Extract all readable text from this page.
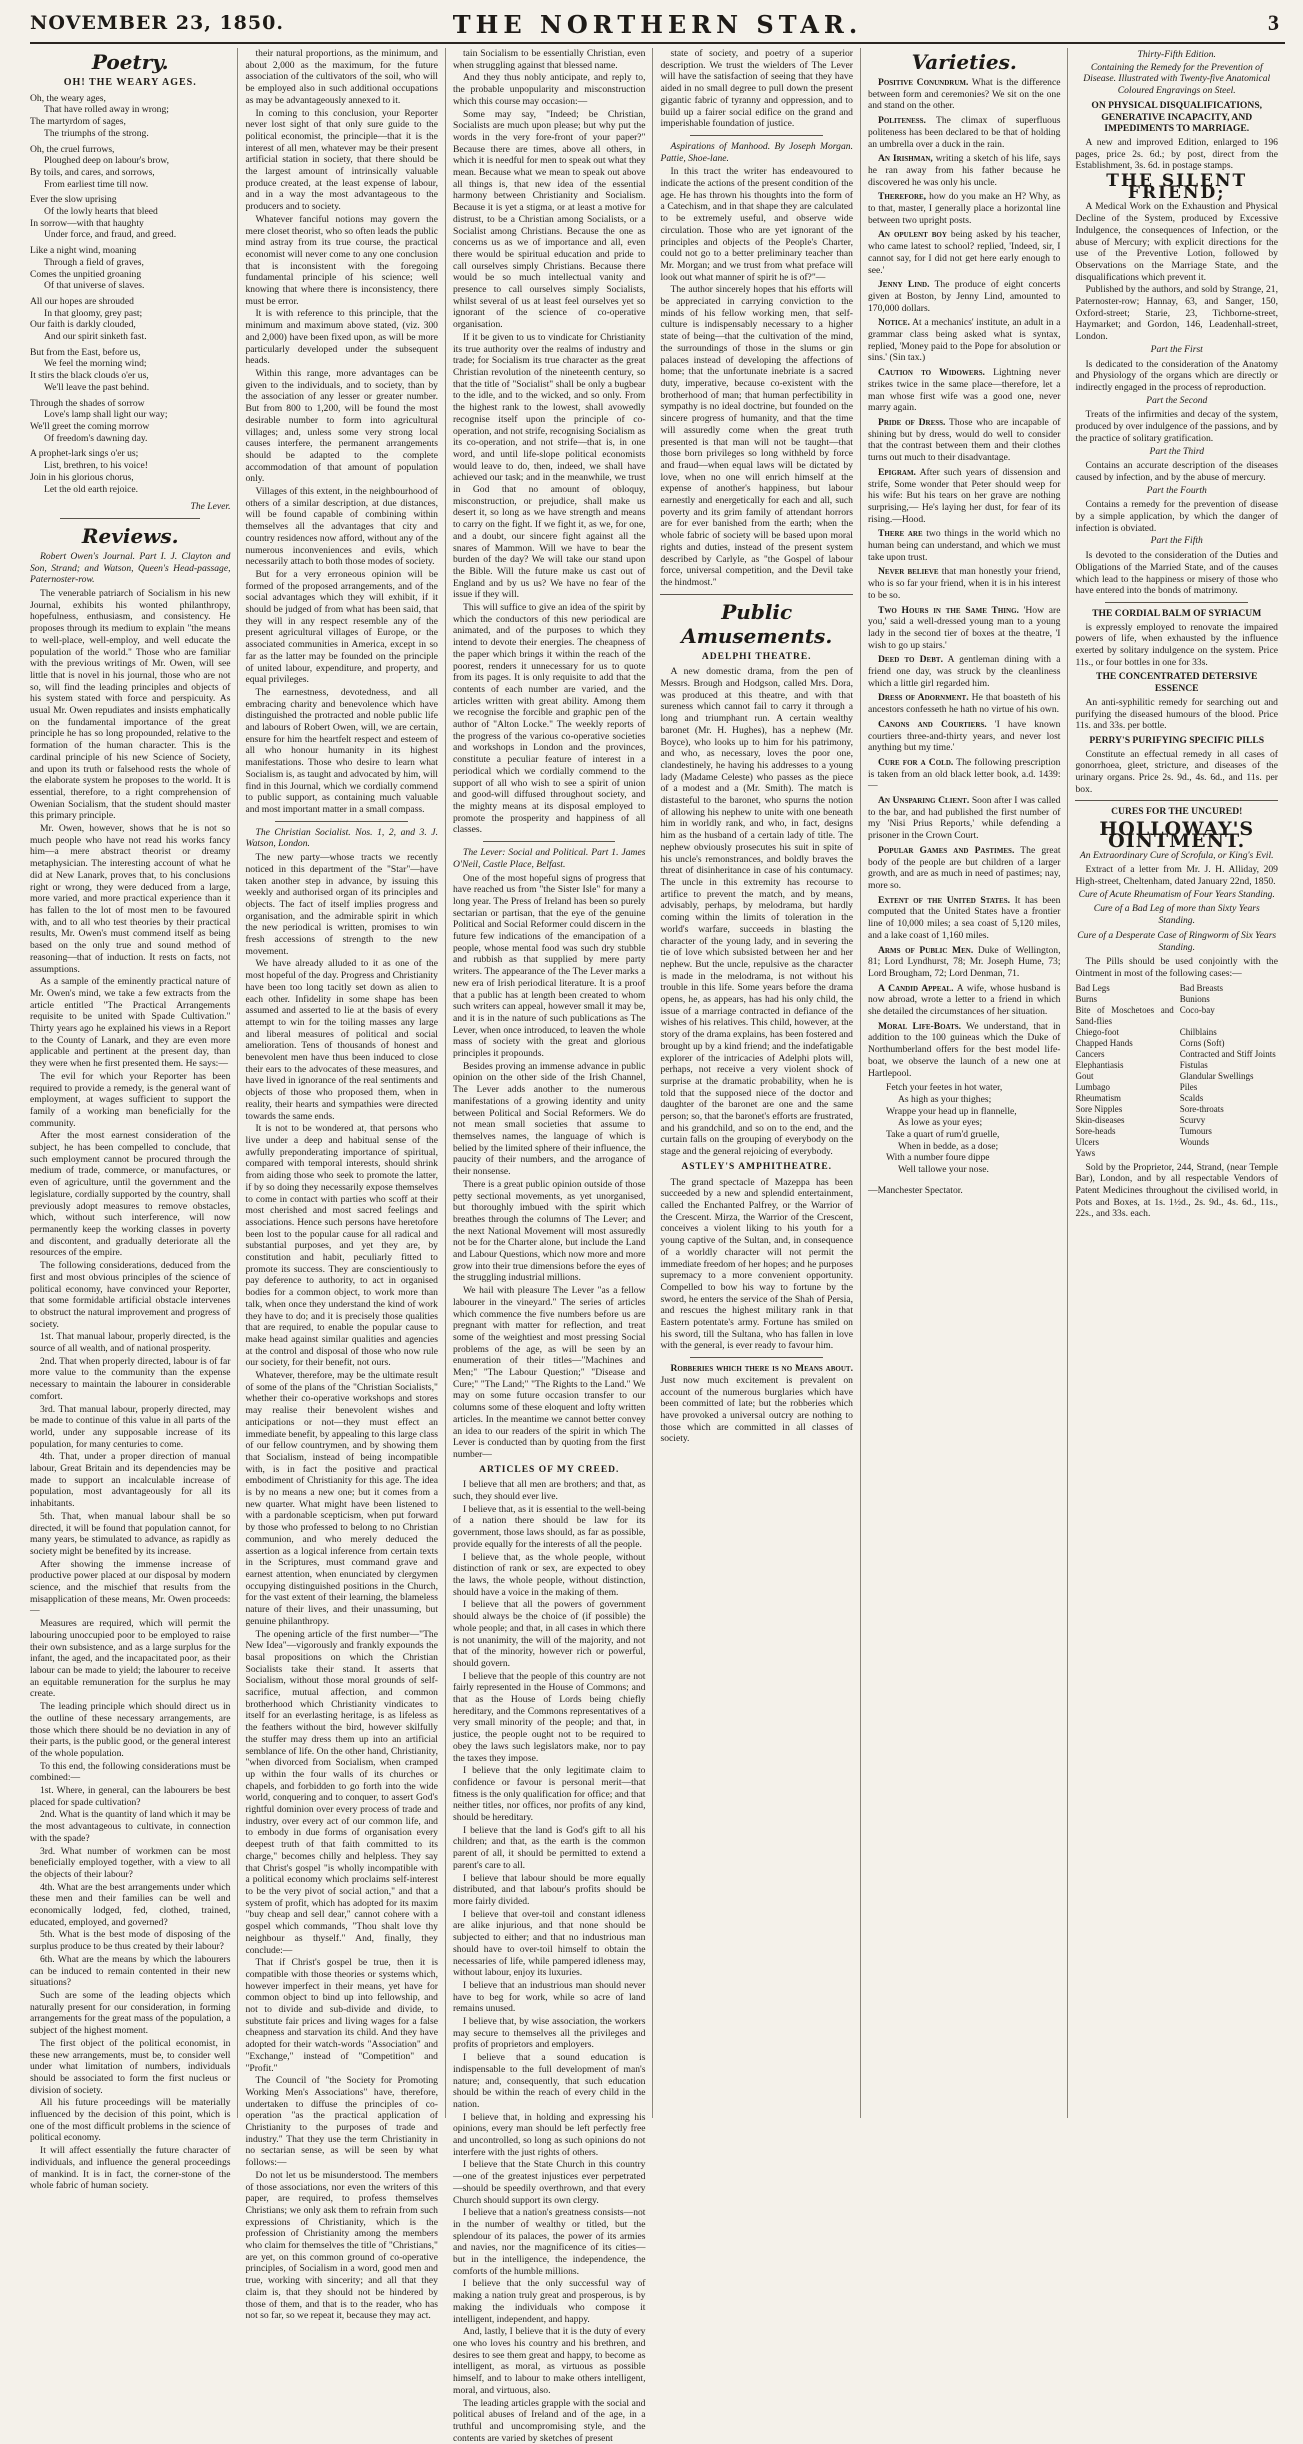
NOVEMBER 23, 1850.	THE NORTHERN STAR.	3
Poetry.
OH! THE WEARY AGES.

Oh, the weary ages,

That have rolled away in wrong;

The martyrdom of sages,

The triumphs of the strong.

Oh, the cruel furrows,

Ploughed deep on labour's brow,

By toils, and cares, and sorrows,

From earliest time till now.

Ever the slow uprising

Of the lowly hearts that bleed

In sorrow—with that haughty

Under force, and fraud, and greed.

Like a night wind, moaning

Through a field of graves,

Comes the unpitied groaning

Of that universe of slaves.

All our hopes are shrouded

In that gloomy, grey past;

Our faith is darkly clouded,

And our spirit sinketh fast.

But from the East, before us,

We feel the morning wind;

It stirs the black clouds o'er us,

We'll leave the past behind.

Through the shades of sorrow

Love's lamp shall light our way;

We'll greet the coming morrow

Of freedom's dawning day.

A prophet-lark sings o'er us;

List, brethren, to his voice!

Join in his glorious chorus,

Let the old earth rejoice.

The Lever.

Reviews.

Robert Owen's Journal. Part I. J. Clayton and Son, Strand; and Watson, Queen's Head-passage, Paternoster-row.

The venerable patriarch of Socialism in his new Journal, exhibits his wonted philanthropy, hopefulness, enthusiasm, and consistency. He proposes through its medium to explain "the means to well-place, well-employ, and well educate the population of the world." Those who are familiar with the previous writings of Mr. Owen, will see little that is novel in his journal, those who are not so, will find the leading principles and objects of his system stated with force and perspicuity. As usual Mr. Owen repudiates and insists emphatically on the fundamental importance of the great principle he has so long propounded, relative to the formation of the human character. This is the cardinal principle of his new Science of Society, and upon its truth or falsehood rests the whole of the elaborate system he proposes to the world. It is essential, therefore, to a right comprehension of Owenian Socialism, that the student should master this primary principle.

Mr. Owen, however, shows that he is not so much people who have not read his works fancy him—a mere abstract theorist or dreamy metaphysician. The interesting account of what he did at New Lanark, proves that, to his conclusions right or wrong, they were deduced from a large, more varied, and more practical experience than it has fallen to the lot of most men to be favoured with, and to all who test theories by their practical results, Mr. Owen's must commend itself as being based on the only true and sound method of reasoning—that of induction. It rests on facts, not assumptions.

As a sample of the eminently practical nature of Mr. Owen's mind, we take a few extracts from the article entitled "The Practical Arrangements requisite to be united with Spade Cultivation." Thirty years ago he explained his views in a Report to the County of Lanark, and they are even more applicable and pertinent at the present day, than they were when he first presented them. He says:—

The evil for which your Reporter has been required to provide a remedy, is the general want of employment, at wages sufficient to support the family of a working man beneficially for the community.

After the most earnest consideration of the subject, he has been compelled to conclude, that such employment cannot be procured through the medium of trade, commerce, or manufactures, or even of agriculture, until the government and the legislature, cordially supported by the country, shall previously adopt measures to remove obstacles, which, without such interference, will now permanently keep the working classes in poverty and discontent, and gradually deteriorate all the resources of the empire.

The following considerations, deduced from the first and most obvious principles of the science of political economy, have convinced your Reporter, that some formidable artificial obstacle intervenes to obstruct the natural improvement and progress of society.

1st. That manual labour, properly directed, is the source of all wealth, and of national prosperity.

2nd. That when properly directed, labour is of far more value to the community than the expense necessary to maintain the labourer in considerable comfort.

3rd. That manual labour, properly directed, may be made to continue of this value in all parts of the world, under any supposable increase of its population, for many centuries to come.

4th. That, under a proper direction of manual labour, Great Britain and its dependencies may be made to support an incalculable increase of population, most advantageously for all its inhabitants.

5th. That, when manual labour shall be so directed, it will be found that population cannot, for many years, be stimulated to advance, as rapidly as society might be benefited by its increase.

After showing the immense increase of productive power placed at our disposal by modern science, and the mischief that results from the misapplication of these means, Mr. Owen proceeds:—

Measures are required, which will permit the labouring unoccupied poor to be employed to raise their own subsistence, and as a large surplus for the infant, the aged, and the incapacitated poor, as their labour can be made to yield; the labourer to receive an equitable remuneration for the surplus he may create.

The leading principle which should direct us in the outline of these necessary arrangements, are those which there should be no deviation in any of their parts, is the public good, or the general interest of the whole population.

To this end, the following considerations must be combined:—

1st. Where, in general, can the labourers be best placed for spade cultivation?

2nd. What is the quantity of land which it may be the most advantageous to cultivate, in connection with the spade?

3rd. What number of workmen can be most beneficially employed together, with a view to all the objects of their labour?

4th. What are the best arrangements under which these men and their families can be well and economically lodged, fed, clothed, trained, educated, employed, and governed?

5th. What is the best mode of disposing of the surplus produce to be thus created by their labour?

6th. What are the means by which the labourers can be induced to remain contented in their new situations?

Such are some of the leading objects which naturally present for our consideration, in forming arrangements for the great mass of the population, a subject of the highest moment.

The first object of the political economist, in these new arrangements, must be, to consider well under what limitation of numbers, individuals should be associated to form the first nucleus or division of society.

All his future proceedings will be materially influenced by the decision of this point, which is one of the most difficult problems in the science of political economy.

It will affect essentially the future character of individuals, and influence the general proceedings of mankind. It is in fact, the corner-stone of the whole fabric of human society.

their natural proportions, as the minimum, and about 2,000 as the maximum, for the future association of the cultivators of the soil, who will be employed also in such additional occupations as may be advantageously annexed to it.

In coming to this conclusion, your Reporter never lost sight of that only sure guide to the political economist, the principle—that it is the interest of all men, whatever may be their present artificial station in society, that there should be the largest amount of intrinsically valuable produce created, at the least expense of labour, and in a way the most advantageous to the producers and to society.

Whatever fanciful notions may govern the mere closet theorist, who so often leads the public mind astray from its true course, the practical economist will never come to any one conclusion that is inconsistent with the foregoing fundamental principle of his science; well knowing that where there is inconsistency, there must be error.

It is with reference to this principle, that the minimum and maximum above stated, (viz. 300 and 2,000) have been fixed upon, as will be more particularly developed under the subsequent heads.

Within this range, more advantages can be given to the individuals, and to society, than by the association of any lesser or greater number. But from 800 to 1,200, will be found the most desirable number to form into agricultural villages; and, unless some very strong local causes interfere, the permanent arrangements should be adapted to the complete accommodation of that amount of population only.

Villages of this extent, in the neighbourhood of others of a similar description, at due distances, will be found capable of combining within themselves all the advantages that city and country residences now afford, without any of the numerous inconveniences and evils, which necessarily attach to both those modes of society.

But for a very erroneous opinion will be formed of the proposed arrangements, and of the social advantages which they will exhibit, if it should be judged of from what has been said, that they will in any respect resemble any of the present agricultural villages of Europe, or the associated communities in America, except in so far as the latter may be founded on the principle of united labour, expenditure, and property, and equal privileges.

The earnestness, devotedness, and all embracing charity and benevolence which have distinguished the protracted and noble public life and labours of Robert Owen, will, we are certain, ensure for him the heartfelt respect and esteem of all who honour humanity in its highest manifestations. Those who desire to learn what Socialism is, as taught and advocated by him, will find in this Journal, which we cordially commend to public support, as containing much valuable and most important matter in a small compass.

The Christian Socialist. Nos. 1, 2, and 3. J. Watson, London.

The new party—whose tracts we recently noticed in this department of the "Star"—have taken another step in advance, by issuing this weekly and authorised organ of its principles and objects. The fact of itself implies progress and organisation, and the admirable spirit in which the new periodical is written, promises to win fresh accessions of strength to the new movement.

We have already alluded to it as one of the most hopeful of the day. Progress and Christianity have been too long tacitly set down as alien to each other. Infidelity in some shape has been assumed and asserted to lie at the basis of every attempt to win for the toiling masses any large and liberal measures of political and social amelioration. Tens of thousands of honest and benevolent men have thus been induced to close their ears to the advocates of these measures, and have lived in ignorance of the real sentiments and objects of those who proposed them, when in reality, their hearts and sympathies were directed towards the same ends.

It is not to be wondered at, that persons who live under a deep and habitual sense of the awfully preponderating importance of spiritual, compared with temporal interests, should shrink from aiding those who seek to promote the latter, if by so doing they necessarily expose themselves to come in contact with parties who scoff at their most cherished and most sacred feelings and associations. Hence such persons have heretofore been lost to the popular cause for all radical and substantial purposes, and yet they are, by constitution and habit, peculiarly fitted to promote its success. They are conscientiously to pay deference to authority, to act in organised bodies for a common object, to work more than talk, when once they understand the kind of work they have to do; and it is precisely those qualities that are required, to enable the popular cause to make head against similar qualities and agencies at the control and disposal of those who now rule our society, for their benefit, not ours.

Whatever, therefore, may be the ultimate result of some of the plans of the "Christian Socialists," whether their co-operative workshops and stores may realise their benevolent wishes and anticipations or not—they must effect an immediate benefit, by appealing to this large class of our fellow countrymen, and by showing them that Socialism, instead of being incompatible with, is in fact the positive and practical embodiment of Christianity for this age. The idea is by no means a new one; but it comes from a new quarter. What might have been listened to with a pardonable scepticism, when put forward by those who professed to belong to no Christian communion, and who merely deduced the assertion as a logical inference from certain texts in the Scriptures, must command grave and earnest attention, when enunciated by clergymen occupying distinguished positions in the Church, for the vast extent of their learning, the blameless nature of their lives, and their unassuming, but genuine philanthropy.

The opening article of the first number—"The New Idea"—vigorously and frankly expounds the basal propositions on which the Christian Socialists take their stand. It asserts that Socialism, without those moral grounds of self-sacrifice, mutual affection, and common brotherhood which Christianity vindicates to itself for an everlasting heritage, is as lifeless as the feathers without the bird, however skilfully the stuffer may dress them up into an artificial semblance of life. On the other hand, Christianity, "when divorced from Socialism, when cramped up within the four walls of its churches or chapels, and forbidden to go forth into the wide world, conquering and to conquer, to assert God's rightful dominion over every process of trade and industry, over every act of our common life, and to embody in due forms of organisation every deepest truth of that faith committed to its charge," becomes chilly and helpless. They say that Christ's gospel "is wholly incompatible with a political economy which proclaims self-interest to be the very pivot of social action," and that a system of profit, which has adopted for its maxim "buy cheap and sell dear," cannot cohere with a gospel which commands, "Thou shalt love thy neighbour as thyself." And, finally, they conclude:—

That if Christ's gospel be true, then it is compatible with those theories or systems which, however imperfect in their means, yet have for common object to bind up into fellowship, and not to divide and sub-divide and divide, to substitute fair prices and living wages for a false cheapness and starvation its child. And they have adopted for their watch-words "Association" and "Exchange," instead of "Competition" and "Profit."

The Council of "the Society for Promoting Working Men's Associations" have, therefore, undertaken to diffuse the principles of co-operation "as the practical application of Christianity to the purposes of trade and industry." That they use the term Christianity in no sectarian sense, as will be seen by what follows:—

Do not let us be misunderstood. The members of those associations, nor even the writers of this paper, are required, to profess themselves Christians; we only ask them to refrain from such expressions of Christianity, which is the profession of Christianity among the members who claim for themselves the title of "Christians," are yet, on this common ground of co-operative principles, of Socialism in a word, good men and true, working with sincerity; and all that they claim is, that they should not be hindered by those of them, and that is to the reader, who has not so far, so we repeat it, because they may act.

tain Socialism to be essentially Christian, even when struggling against that blessed name.

And they thus nobly anticipate, and reply to, the probable unpopularity and misconstruction which this course may occasion:—

Some may say, "Indeed; be Christian, Socialists are much upon please; but why put the words in the very fore-front of your paper?" Because there are times, above all others, in which it is needful for men to speak out what they mean. Because what we mean to speak out above all things is, that new idea of the essential harmony between Christianity and Socialism. Because it is yet a stigma, or at least a motive for distrust, to be a Christian among Socialists, or a Socialist among Christians. Because the one as concerns us as we of importance and all, even there would be spiritual education and pride to call ourselves simply Christians. Because there would be so much intellectual vanity and presence to call ourselves simply Socialists, whilst several of us at least feel ourselves yet so ignorant of the science of co-operative organisation.

If it be given to us to vindicate for Christianity its true authority over the realms of industry and trade; for Socialism its true character as the great Christian revolution of the nineteenth century, so that the title of "Socialist" shall be only a bugbear to the idle, and to the wicked, and so only. From the highest rank to the lowest, shall avowedly recognise itself upon the principle of co-operation, and not strife, recognising Socialism as its co-operation, and not strife—that is, in one word, and until life-slope political economists would leave to do, then, indeed, we shall have achieved our task; and in the meanwhile, we trust in God that no amount of obloquy, misconstruction, or prejudice, shall make us desert it, so long as we have strength and means to carry on the fight. If we fight it, as we, for one, and a doubt, our sincere fight against all the snares of Mammon. Will we have to bear the burden of the day? We will take our stand upon the Bible. Will the future make us cast out of England and by us us? We have no fear of the issue if they will.

This will suffice to give an idea of the spirit by which the conductors of this new periodical are animated, and of the purposes to which they intend to devote their energies. The cheapness of the paper which brings it within the reach of the poorest, renders it unnecessary for us to quote from its pages. It is only requisite to add that the contents of each number are varied, and the articles written with great ability. Among them we recognise the forcible and graphic pen of the author of "Alton Locke." The weekly reports of the progress of the various co-operative societies and workshops in London and the provinces, constitute a peculiar feature of interest in a periodical which we cordially commend to the support of all who wish to see a spirit of union and good-will diffused throughout society, and the mighty means at its disposal employed to promote the prosperity and happiness of all classes.

The Lever: Social and Political. Part 1. James O'Neil, Castle Place, Belfast.

One of the most hopeful signs of progress that have reached us from "the Sister Isle" for many a long year. The Press of Ireland has been so purely sectarian or partisan, that the eye of the genuine Political and Social Reformer could discern in the future few indications of the emancipation of a people, whose mental food was such dry stubble and rubbish as that supplied by mere party writers. The appearance of the The Lever marks a new era of Irish periodical literature. It is a proof that a public has at length been created to whom such writers can appeal, however small it may be, and it is in the nature of such publications as The Lever, when once introduced, to leaven the whole mass of society with the great and glorious principles it propounds.

Besides proving an immense advance in public opinion on the other side of the Irish Channel, The Lever adds another to the numerous manifestations of a growing identity and unity between Political and Social Reformers. We do not mean small societies that assume to themselves names, the language of which is belied by the limited sphere of their influence, the paucity of their numbers, and the arrogance of their nonsense.

There is a great public opinion outside of those petty sectional movements, as yet unorganised, but thoroughly imbued with the spirit which breathes through the columns of The Lever; and the next National Movement will most assuredly not be for the Charter alone, but include the Land and Labour Questions, which now more and more grow into their true dimensions before the eyes of the struggling industrial millions.

We hail with pleasure The Lever "as a fellow labourer in the vineyard." The series of articles which commence the five numbers before us are pregnant with matter for reflection, and treat some of the weightiest and most pressing Social problems of the age, as will be seen by an enumeration of their titles—"Machines and Men;" "The Labour Question;" "Disease and Cure;" "The Land;" "The Rights to the Land." We may on some future occasion transfer to our columns some of these eloquent and lofty written articles. In the meantime we cannot better convey an idea to our readers of the spirit in which The Lever is conducted than by quoting from the first number—

ARTICLES OF MY CREED.

I believe that all men are brothers; and that, as such, they should ever live.

I believe that, as it is essential to the well-being of a nation there should be law for its government, those laws should, as far as possible, provide equally for the interests of all the people.

I believe that, as the whole people, without distinction of rank or sex, are expected to obey the laws, the whole people, without distinction, should have a voice in the making of them.

I believe that all the powers of government should always be the choice of (if possible) the whole people; and that, in all cases in which there is not unanimity, the will of the majority, and not that of the minority, however rich or powerful, should govern.

I believe that the people of this country are not fairly represented in the House of Commons; and that as the House of Lords being chiefly hereditary, and the Commons representatives of a very small minority of the people; and that, in justice, the people ought not to be required to obey the laws such legislators make, nor to pay the taxes they impose.

I believe that the only legitimate claim to confidence or favour is personal merit—that fitness is the only qualification for office; and that neither titles, nor offices, nor profits of any kind, should be hereditary.

I believe that the land is God's gift to all his children; and that, as the earth is the common parent of all, it should be permitted to extend a parent's care to all.

I believe that labour should be more equally distributed, and that labour's profits should be more fairly divided.

I believe that over-toil and constant idleness are alike injurious, and that none should be subjected to either; and that no industrious man should have to over-toil himself to obtain the necessaries of life, while pampered idleness may, without labour, enjoy its luxuries.

I believe that an industrious man should never have to beg for work, while so acre of land remains unused.

I believe that, by wise association, the workers may secure to themselves all the privileges and profits of proprietors and employers.

I believe that a sound education is indispensable to the full development of man's nature; and, consequently, that such education should be within the reach of every child in the nation.

I believe that, in holding and expressing his opinions, every man should be left perfectly free and uncontrolled, so long as such opinions do not interfere with the just rights of others.

I believe that the State Church in this country—one of the greatest injustices ever perpetrated—should be speedily overthrown, and that every Church should support its own clergy.

I believe that a nation's greatness consists—not in the number of wealthy or titled, but the splendour of its palaces, the power of its armies and navies, nor the magnificence of its cities—but in the intelligence, the independence, the comforts of the humble millions.

I believe that the only successful way of making a nation truly great and prosperous, is by making the individuals who compose it intelligent, independent, and happy.

And, lastly, I believe that it is the duty of every one who loves his country and his brethren, and desires to see them great and happy, to become as intelligent, as moral, as virtuous as possible himself, and to labour to make others intelligent, moral, and virtuous, also.

The leading articles grapple with the social and political abuses of Ireland and of the age, in a truthful and uncompromising style, and the contents are varied by sketches of present

state of society, and poetry of a superior description. We trust the wielders of The Lever will have the satisfaction of seeing that they have aided in no small degree to pull down the present gigantic fabric of tyranny and oppression, and to build up a fairer social edifice on the grand and imperishable foundation of justice.

Aspirations of Manhood. By Joseph Morgan. Pattie, Shoe-lane.

In this tract the writer has endeavoured to indicate the actions of the present condition of the age. He has thrown his thoughts into the form of a Catechism, and in that shape they are calculated to be extremely useful, and observe wide circulation. Those who are yet ignorant of the principles and objects of the People's Charter, could not go to a better preliminary teacher than Mr. Morgan; and we trust from what preface will look out what manner of spirit he is of?"—

The author sincerely hopes that his efforts will be appreciated in carrying conviction to the minds of his fellow working men, that self-culture is indispensably necessary to a higher state of being—that the cultivation of the mind, the surroundings of those in the slums or gin palaces instead of developing the affections of home; that the unfortunate inebriate is a sacred duty, imperative, because co-existent with the brotherhood of man; that human perfectibility in sympathy is no ideal doctrine, but founded on the sincere progress of humanity, and that the time will assuredly come when the great truth presented is that man will not be taught—that those born privileges so long withheld by force and fraud—when equal laws will be dictated by love, when no one will enrich himself at the expense of another's happiness, but labour earnestly and energetically for each and all, such poverty and its grim family of attendant horrors are for ever banished from the earth; when the whole fabric of society will be based upon moral rights and duties, instead of the present system described by Carlyle, as "the Gospel of labour force, universal competition, and the Devil take the hindmost."

Public Amusements.
ADELPHI THEATRE.

A new domestic drama, from the pen of Messrs. Brough and Hodgson, called Mrs. Dora, was produced at this theatre, and with that sureness which cannot fail to carry it through a long and triumphant run. A certain wealthy baronet (Mr. H. Hughes), has a nephew (Mr. Boyce), who looks up to him for his patrimony, and who, as necessary, loves the poor one, clandestinely, he having his addresses to a young lady (Madame Celeste) who passes as the piece of a modest and a (Mr. Smith). The match is distasteful to the baronet, who spurns the notion of allowing his nephew to unite with one beneath him in worldly rank, and who, in fact, designs him as the husband of a certain lady of title. The nephew obviously prosecutes his suit in spite of his uncle's remonstrances, and boldly braves the threat of disinheritance in case of his contumacy. The uncle in this extremity has recourse to artifice to prevent the match, and by means, advisably, perhaps, by melodrama, but hardly coming within the limits of toleration in the world's warfare, succeeds in blasting the character of the young lady, and in severing the tie of love which subsisted between her and her nephew. But the uncle, repulsive as the character is made in the melodrama, is not without his trouble in this life. Some years before the drama opens, he, as appears, has had his only child, the issue of a marriage contracted in defiance of the wishes of his relatives. This child, however, at the story of the drama explains, has been fostered and brought up by a kind friend; and the indefatigable explorer of the intricacies of Adelphi plots will, perhaps, not receive a very violent shock of surprise at the dramatic probability, when he is told that the supposed niece of the doctor and daughter of the baronet are one and the same person; so, that the baronet's efforts are frustrated, and his grandchild, and so on to the end, and the curtain falls on the grouping of everybody on the stage and the general rejoicing of everybody.

ASTLEY'S AMPHITHEATRE.

The grand spectacle of Mazeppa has been succeeded by a new and splendid entertainment, called the Enchanted Palfrey, or the Warrior of the Crescent. Mirza, the Warrior of the Crescent, conceives a violent liking to his youth for a young captive of the Sultan, and, in consequence of a worldly character will not permit the immediate freedom of her hopes; and he purposes supremacy to a more convenient opportunity. Compelled to bow his way to fortune by the sword, he enters the service of the Shah of Persia, and rescues the highest military rank in that Eastern potentate's army. Fortune has smiled on his sword, till the Sultana, who has fallen in love with the general, is ever ready to favour him.

Robberies which there is no Means about. Just now much excitement is prevalent on account of the numerous burglaries which have been committed of late; but the robberies which have provoked a universal outcry are nothing to those which are committed in all classes of society.

Varieties.

Positive Conundrum. What is the difference between form and ceremonies? We sit on the one and stand on the other.

Politeness. The climax of superfluous politeness has been declared to be that of holding an umbrella over a duck in the rain.

An Irishman, writing a sketch of his life, says he ran away from his father because he discovered he was only his uncle.

Therefore, how do you make an H? Why, as to that, master, I generally place a horizontal line between two upright posts.

An opulent boy being asked by his teacher, who came latest to school? replied, 'Indeed, sir, I cannot say, for I did not get here early enough to see.'

Jenny Lind. The produce of eight concerts given at Boston, by Jenny Lind, amounted to 170,000 dollars.

Notice. At a mechanics' institute, an adult in a grammar class being asked what is syntax, replied, 'Money paid to the Pope for absolution or sins.' (Sin tax.)

Caution to Widowers. Lightning never strikes twice in the same place—therefore, let a man whose first wife was a good one, never marry again.

Pride of Dress. Those who are incapable of shining but by dress, would do well to consider that the contrast between them and their clothes turns out much to their disadvantage.

Epigram. After such years of dissension and strife, Some wonder that Peter should weep for his wife: But his tears on her grave are nothing surprising,— He's laying her dust, for fear of its rising.—Hood.

There are two things in the world which no human being can understand, and which we must take upon trust.

Never believe that man honestly your friend, who is so far your friend, when it is in his interest to be so.

Two Hours in the Same Thing. 'How are you,' said a well-dressed young man to a young lady in the second tier of boxes at the theatre, 'I wish to go up stairs.'

Deed to Debt. A gentleman dining with a friend one day, was struck by the cleanliness which a little girl regarded him.

Dress of Adornment. He that boasteth of his ancestors confesseth he hath no virtue of his own.

Canons and Courtiers. 'I have known courtiers three-and-thirty years, and never lost anything but my time.'

Cure for a Cold. The following prescription is taken from an old black letter book, a.d. 1439:—

An Unsparing Client. Soon after I was called to the bar, and had published the first number of my 'Nisi Prius Reports,' while defending a prisoner in the Crown Court.

Popular Games and Pastimes. The great body of the people are but children of a larger growth, and are as much in need of pastimes; nay, more so.

Extent of the United States. It has been computed that the United States have a frontier line of 10,000 miles; a sea coast of 5,120 miles, and a lake coast of 1,160 miles.

Arms of Public Men. Duke of Wellington, 81; Lord Lyndhurst, 78; Mr. Joseph Hume, 73; Lord Brougham, 72; Lord Denman, 71.

A Candid Appeal. A wife, whose husband is now abroad, wrote a letter to a friend in which she detailed the circumstances of her situation.

Moral Life-Boats. We understand, that in addition to the 100 guineas which the Duke of Northumberland offers for the best model life-boat, we observe the launch of a new one at Hartlepool.

Fetch your feetes in hot water,

As high as your thighes;

Wrappe your head up in flannelle,

As lowe as your eyes;

Take a quart of rum'd gruelle,

When in bedde, as a dose;

With a number foure dippe

Well tallowe your nose.

—Manchester Spectator.

Thirty-Fifth Edition.
Containing the Remedy for the Prevention of Disease. Illustrated with Twenty-five Anatomical Coloured Engravings on Steel.
ON PHYSICAL DISQUALIFICATIONS, GENERATIVE INCAPACITY, AND IMPEDIMENTS TO MARRIAGE.

A new and improved Edition, enlarged to 196 pages, price 2s. 6d.; by post, direct from the Establishment, 3s. 6d. in postage stamps.

THE SILENT FRIEND;

A Medical Work on the Exhaustion and Physical Decline of the System, produced by Excessive Indulgence, the consequences of Infection, or the abuse of Mercury; with explicit directions for the use of the Preventive Lotion, followed by Observations on the Marriage State, and the disqualifications which prevent it.

Published by the authors, and sold by Strange, 21, Paternoster-row; Hannay, 63, and Sanger, 150, Oxford-street; Starie, 23, Tichborne-street, Haymarket; and Gordon, 146, Leadenhall-street, London.

Part the First

Is dedicated to the consideration of the Anatomy and Physiology of the organs which are directly or indirectly engaged in the process of reproduction.

Part the Second

Treats of the infirmities and decay of the system, produced by over indulgence of the passions, and by the practice of solitary gratification.

Part the Third

Contains an accurate description of the diseases caused by infection, and by the abuse of mercury.

Part the Fourth

Contains a remedy for the prevention of disease by a simple application, by which the danger of infection is obviated.

Part the Fifth

Is devoted to the consideration of the Duties and Obligations of the Married State, and of the causes which lead to the happiness or misery of those who have entered into the bonds of matrimony.

THE CORDIAL BALM OF SYRIACUM

is expressly employed to renovate the impaired powers of life, when exhausted by the influence exerted by solitary indulgence on the system. Price 11s., or four bottles in one for 33s.

THE CONCENTRATED DETERSIVE ESSENCE

An anti-syphilitic remedy for searching out and purifying the diseased humours of the blood. Price 11s. and 33s. per bottle.

PERRY'S PURIFYING SPECIFIC PILLS

Constitute an effectual remedy in all cases of gonorrhoea, gleet, stricture, and diseases of the urinary organs. Price 2s. 9d., 4s. 6d., and 11s. per box.

CURES FOR THE UNCURED!
HOLLOWAY'S OINTMENT.
An Extraordinary Cure of Scrofula, or King's Evil.

Extract of a letter from Mr. J. H. Alliday, 209 High-street, Cheltenham, dated January 22nd, 1850.

Cure of Acute Rheumatism of Four Years Standing.
Cure of a Bad Leg of more than Sixty Years Standing.
Cure of a Desperate Case of Ringworm of Six Years Standing.

The Pills should be used conjointly with the Ointment in most of the following cases:—

Bad Legs	Bad Breasts
Burns	Bunions
Bite of Moschetoes and Sand-flies
Coco-bay
Chiego-foot	Chilblains
Chapped Hands	Corns (Soft)
Cancers	Contracted and Stiff Joints
Elephantiasis	Fistulas
Gout	Glandular Swellings
Lumbago	Piles
Rheumatism	Scalds
Sore Nipples	Sore-throats
Skin-diseases	Scurvy
Sore-heads	Tumours
Ulcers	Wounds
Yaws

Sold by the Proprietor, 244, Strand, (near Temple Bar), London, and by all respectable Vendors of Patent Medicines throughout the civilised world, in Pots and Boxes, at 1s. 1½d., 2s. 9d., 4s. 6d., 11s., 22s., and 33s. each.
